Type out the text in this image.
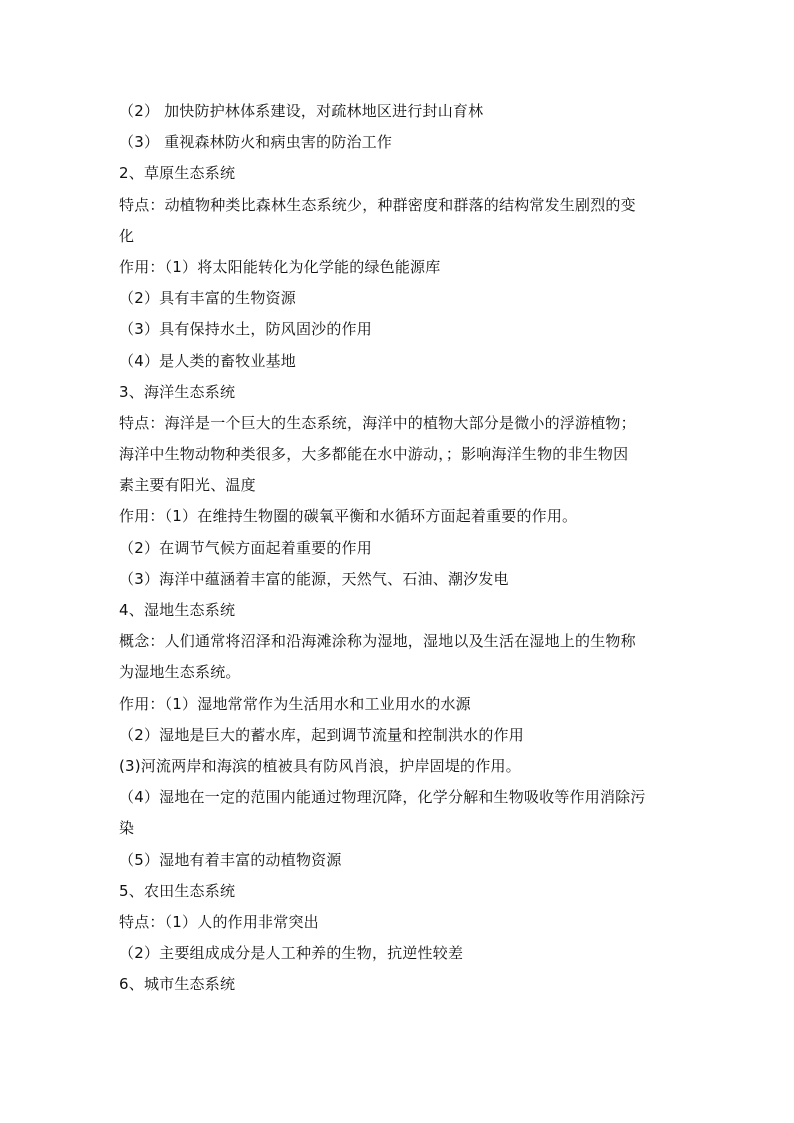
（2） 加快防护林体系建设，对疏林地区进行封山育林
（3） 重视森林防火和病虫害的防治工作
2、草原生态系统
特点：动植物种类比森林生态系统少，种群密度和群落的结构常发生剧烈的变
化
作用：（1）将太阳能转化为化学能的绿色能源库
（2）具有丰富的生物资源
（3）具有保持水土，防风固沙的作用
（4）是人类的畜牧业基地
3、海洋生态系统
特点：海洋是一个巨大的生态系统，海洋中的植物大部分是微小的浮游植物；
海洋中生物动物种类很多，大多都能在水中游动，；影响海洋生物的非生物因
素主要有阳光、温度
作用：（1）在维持生物圈的碳氧平衡和水循环方面起着重要的作用。
（2）在调节气候方面起着重要的作用
（3）海洋中蕴涵着丰富的能源，天然气、石油、潮汐发电
4、湿地生态系统
概念：人们通常将沼泽和沿海滩涂称为湿地，湿地以及生活在湿地上的生物称
为湿地生态系统。
作用：（1）湿地常常作为生活用水和工业用水的水源
（2）湿地是巨大的蓄水库，起到调节流量和控制洪水的作用
(3)河流两岸和海滨的植被具有防风肖浪，护岸固堤的作用。
（4）湿地在一定的范围内能通过物理沉降，化学分解和生物吸收等作用消除污
染
（5）湿地有着丰富的动植物资源
5、农田生态系统
特点：（1）人的作用非常突出
（2）主要组成成分是人工种养的生物，抗逆性较差
6、城市生态系统
